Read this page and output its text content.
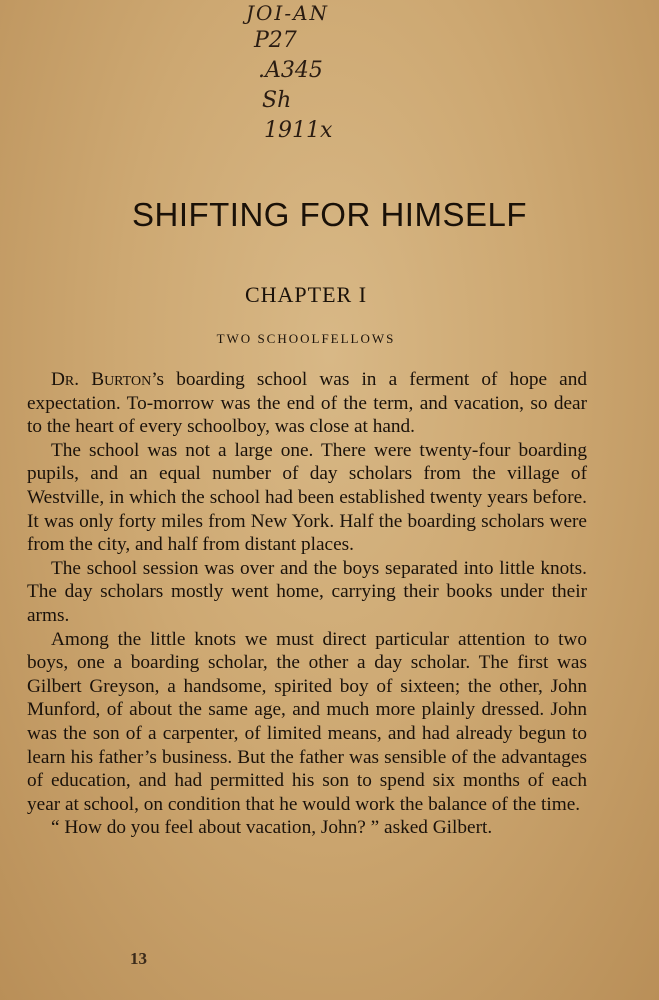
JOI-AN
P27
.A345
Sh
1911x
SHIFTING FOR HIMSELF
CHAPTER I
TWO SCHOOLFELLOWS

Dr. Burton’s boarding school was in a ferment of hope and expectation. To-morrow was the end of the term, and vacation, so dear to the heart of every schoolboy, was close at hand.

The school was not a large one. There were twenty-four boarding pupils, and an equal number of day scholars from the village of Westville, in which the school had been established twenty years before. It was only forty miles from New York. Half the boarding scholars were from the city, and half from distant places.

The school session was over and the boys separated into little knots. The day scholars mostly went home, carrying their books under their arms.

Among the little knots we must direct particular attention to two boys, one a boarding scholar, the other a day scholar. The first was Gilbert Greyson, a handsome, spirited boy of sixteen; the other, John Munford, of about the same age, and much more plainly dressed. John was the son of a carpenter, of limited means, and had already begun to learn his father’s business. But the father was sensible of the advantages of education, and had permitted his son to spend six months of each year at school, on condition that he would work the balance of the time.

“ How do you feel about vacation, John? ” asked Gilbert.

13
